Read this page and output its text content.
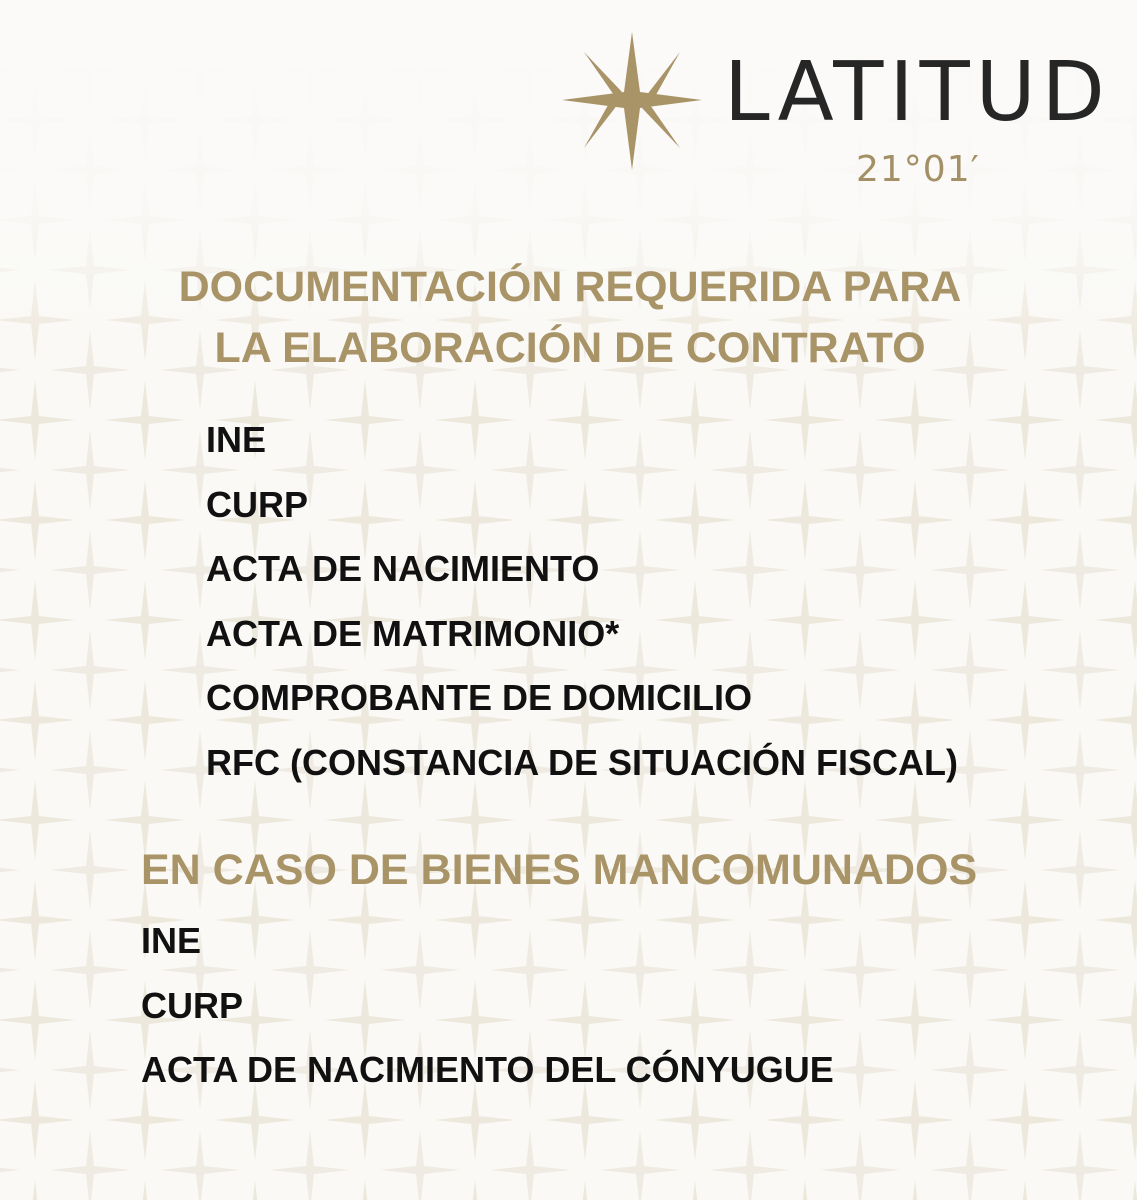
LATITUD

21°01′

DOCUMENTACIÓN REQUERIDA PARA
LA ELABORACIÓN DE CONTRATO
INE
CURP
ACTA DE NACIMIENTO
ACTA DE MATRIMONIO*
COMPROBANTE DE DOMICILIO
RFC (CONSTANCIA DE SITUACIÓN FISCAL)
EN CASO DE BIENES MANCOMUNADOS
INE
CURP
ACTA DE NACIMIENTO DEL CÓNYUGUE
